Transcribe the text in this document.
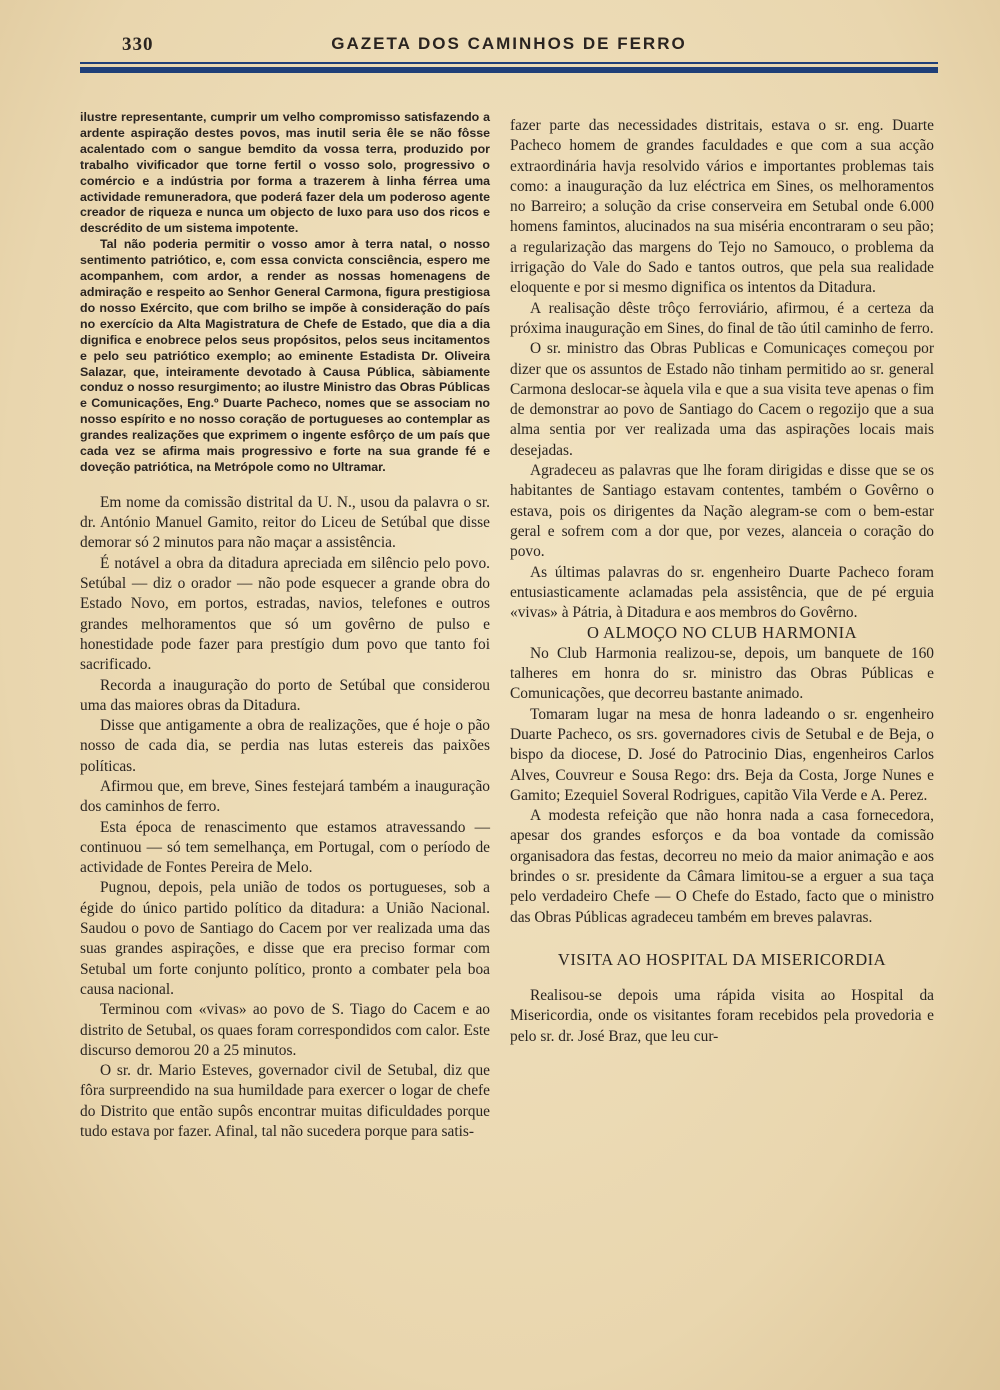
330	GAZETA DOS CAMINHOS DE FERRO

ilustre representante, cumprir um velho compromisso satisfazendo a ardente aspiração destes povos, mas inutil seria êle se não fôsse acalentado com o sangue bemdito da vossa terra, produzido por trabalho vivificador que torne fertil o vosso solo, progressivo o comércio e a indústria por forma a trazerem à linha férrea uma actividade remuneradora, que poderá fazer dela um poderoso agente creador de riqueza e nunca um objecto de luxo para uso dos ricos e descrédito de um sistema impotente.

Tal não poderia permitir o vosso amor à terra natal, o nosso sentimento patriótico, e, com essa convicta consciência, espero me acompanhem, com ardor, a render as nossas homenagens de admiração e respeito ao Senhor General Carmona, figura prestigiosa do nosso Exército, que com brilho se impõe à consideração do país no exercício da Alta Magistratura de Chefe de Estado, que dia a dia dignifica e enobrece pelos seus propósitos, pelos seus incitamentos e pelo seu patriótico exemplo; ao eminente Estadista Dr. Oliveira Salazar, que, inteiramente devotado à Causa Pública, sàbiamente conduz o nosso resurgimento; ao ilustre Ministro das Obras Públicas e Comunicações, Eng.º Duarte Pacheco, nomes que se associam no nosso espírito e no nosso coração de portugueses ao contemplar as grandes realizações que exprimem o ingente esfôrço de um país que cada vez se afirma mais progressivo e forte na sua grande fé e doveção patriótica, na Metrópole como no Ultramar.

Em nome da comissão distrital da U. N., usou da palavra o sr. dr. António Manuel Gamito, reitor do Liceu de Setúbal que disse demorar só 2 minutos para não maçar a assistência.

É notável a obra da ditadura apreciada em silêncio pelo povo. Setúbal — diz o orador — não pode esquecer a grande obra do Estado Novo, em portos, estradas, navios, telefones e outros grandes melhoramentos que só um govêrno de pulso e honestidade pode fazer para prestígio dum povo que tanto foi sacrificado.

Recorda a inauguração do porto de Setúbal que considerou uma das maiores obras da Ditadura.

Disse que antigamente a obra de realizações, que é hoje o pão nosso de cada dia, se perdia nas lutas estereis das paixões políticas.

Afirmou que, em breve, Sines festejará também a inauguração dos caminhos de ferro.

Esta época de renascimento que estamos atravessando — continuou — só tem semelhança, em Portugal, com o período de actividade de Fontes Pereira de Melo.

Pugnou, depois, pela união de todos os portugueses, sob a égide do único partido político da ditadura: a União Nacional. Saudou o povo de Santiago do Cacem por ver realizada uma das suas grandes aspirações, e disse que era preciso formar com Setubal um forte conjunto político, pronto a combater pela boa causa nacional.

Terminou com «vivas» ao povo de S. Tiago do Cacem e ao distrito de Setubal, os quaes foram correspondidos com calor. Este discurso demorou 20 a 25 minutos.

O sr. dr. Mario Esteves, governador civil de Setubal, diz que fôra surpreendido na sua humildade para exercer o logar de chefe do Distrito que então supôs encontrar muitas dificuldades porque tudo estava por fazer. Afinal, tal não sucedera porque para satis-

fazer parte das necessidades distritais, estava o sr. eng. Duarte Pacheco homem de grandes faculdades e que com a sua acção extraordinária havja resolvido vários e importantes problemas tais como: a inauguração da luz eléctrica em Sines, os melhoramentos no Barreiro; a solução da crise conserveira em Setubal onde 6.000 homens famintos, alucinados na sua miséria encontraram o seu pão; a regularização das margens do Tejo no Samouco, o problema da irrigação do Vale do Sado e tantos outros, que pela sua realidade eloquente e por si mesmo dignifica os intentos da Ditadura.

A realisação dêste trôço ferroviário, afirmou, é a certeza da próxima inauguração em Sines, do final de tão útil caminho de ferro.

O sr. ministro das Obras Publicas e Comunicaçes começou por dizer que os assuntos de Estado não tinham permitido ao sr. general Carmona deslocar-se àquela vila e que a sua visita teve apenas o fim de demonstrar ao povo de Santiago do Cacem o regozijo que a sua alma sentia por ver realizada uma das aspirações locais mais desejadas.

Agradeceu as palavras que lhe foram dirigidas e disse que se os habitantes de Santiago estavam contentes, também o Govêrno o estava, pois os dirigentes da Nação alegram-se com o bem-estar geral e sofrem com a dor que, por vezes, alanceia o coração do povo.

As últimas palavras do sr. engenheiro Duarte Pacheco foram entusiasticamente aclamadas pela assistência, que de pé erguia «vivas» à Pátria, à Ditadura e aos membros do Govêrno.

O ALMOÇO NO CLUB HARMONIA

No Club Harmonia realizou-se, depois, um banquete de 160 talheres em honra do sr. ministro das Obras Públicas e Comunicações, que decorreu bastante animado.

Tomaram lugar na mesa de honra ladeando o sr. engenheiro Duarte Pacheco, os srs. governadores civis de Setubal e de Beja, o bispo da diocese, D. José do Patrocinio Dias, engenheiros Carlos Alves, Couvreur e Sousa Rego: drs. Beja da Costa, Jorge Nunes e Gamito; Ezequiel Soveral Rodrigues, capitão Vila Verde e A. Perez.

A modesta refeição que não honra nada a casa fornecedora, apesar dos grandes esforços e da boa vontade da comissão organisadora das festas, decorreu no meio da maior animação e aos brindes o sr. presidente da Câmara limitou-se a erguer a sua taça pelo verdadeiro Chefe — O Chefe do Estado, facto que o ministro das Obras Públicas agradeceu também em breves palavras.

VISITA AO HOSPITAL DA MISERICORDIA

Realisou-se depois uma rápida visita ao Hospital da Misericordia, onde os visitantes foram recebidos pela provedoria e pelo sr. dr. José Braz, que leu cur-
